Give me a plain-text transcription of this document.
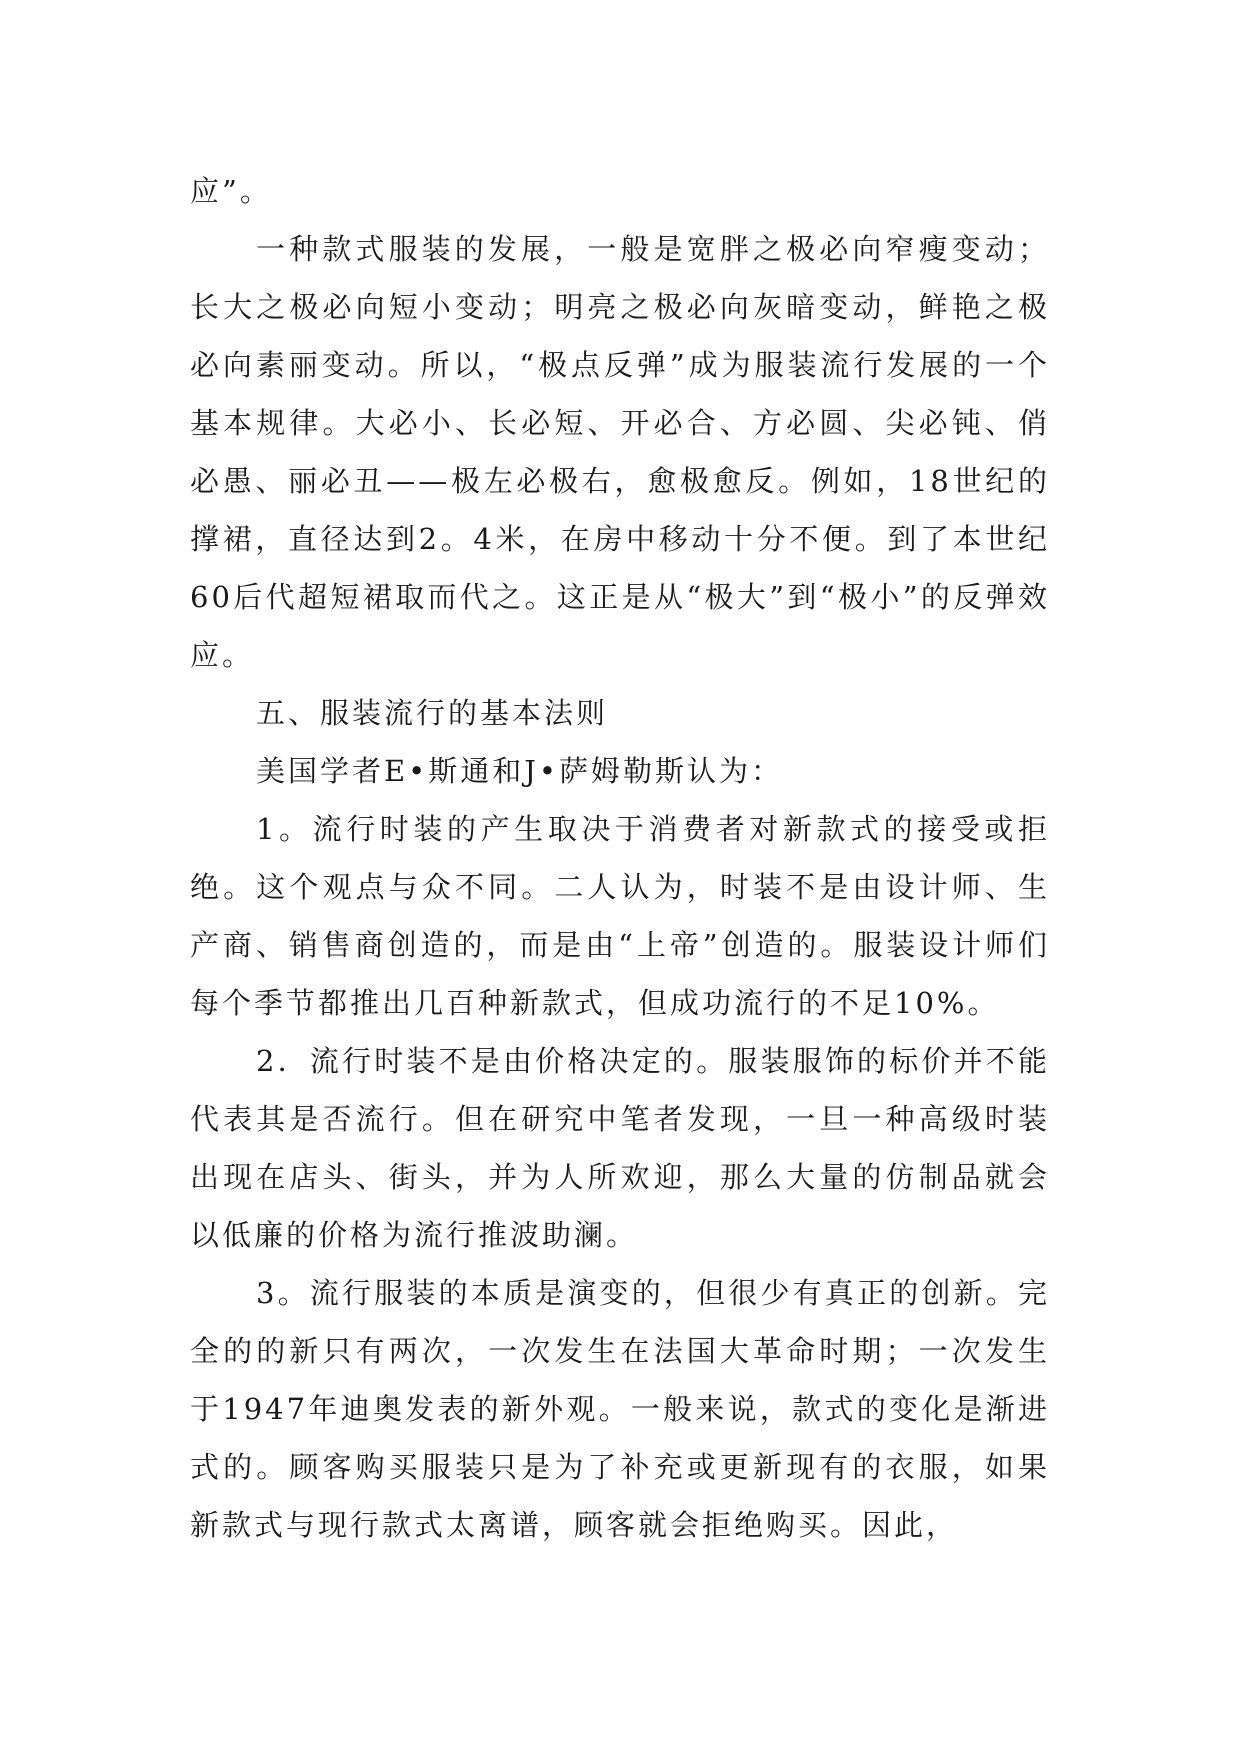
应”。

一种款式服装的发展，一般是宽胖之极必向窄瘦变动；长大之极必向短小变动；明亮之极必向灰暗变动，鲜艳之极必向素丽变动。所以，“极点反弹”成为服装流行发展的一个基本规律。大必小、长必短、开必合、方必圆、尖必钝、俏必愚、丽必丑——极左必极右，愈极愈反。例如，18世纪的撑裙，直径达到2。4米，在房中移动十分不便。到了本世纪60后代超短裙取而代之。这正是从“极大”到“极小”的反弹效应。

五、服装流行的基本法则

美国学者E•斯通和J•萨姆勒斯认为：

1。流行时装的产生取决于消费者对新款式的接受或拒绝。这个观点与众不同。二人认为，时装不是由设计师、生产商、销售商创造的，而是由“上帝”创造的。服装设计师们每个季节都推出几百种新款式，但成功流行的不足10%。

2．流行时装不是由价格决定的。服装服饰的标价并不能代表其是否流行。但在研究中笔者发现，一旦一种高级时装出现在店头、街头，并为人所欢迎，那么大量的仿制品就会以低廉的价格为流行推波助澜。

3。流行服装的本质是演变的，但很少有真正的创新。完全的的新只有两次，一次发生在法国大革命时期；一次发生于1947年迪奥发表的新外观。一般来说，款式的变化是渐进式的。顾客购买服装只是为了补充或更新现有的衣服，如果新款式与现行款式太离谱，顾客就会拒绝购买。因此，
